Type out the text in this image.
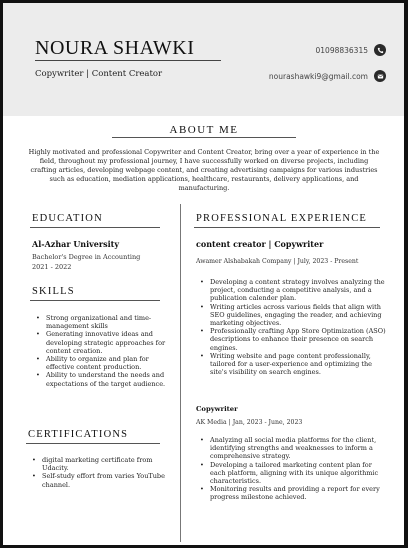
NOURA SHAWKI
Copywriter | Content Creator
01098836315
nourashawki9@gmail.com
ABOUT ME
Highly motivated and professional Copywriter and Content Creator, bring over a year of experience in the field, throughout my professional journey, I have successfully worked on diverse projects, including crafting articles, developing webpage content, and creating advertising campaigns for various industries such as education, mediation applications, healthcare, restaurants, delivery applications, and manufacturing.
EDUCATION
Al-Azhar University
Bachelor's Degree in Accounting
2021 - 2022
SKILLS
• Strong organizational and time-management skills
• Generating innovative ideas and developing strategic approaches for content creation.
• Ability to organize and plan for effective content production.
• Ability to understand the needs and expectations of the target audience.
CERTIFICATIONS
• digital marketing certificate from Udacity.
• Self-study effort from varies YouTube channel.
PROFESSIONAL EXPERIENCE
content creator | Copywriter
Awamer Alshabakah Company | July, 2023 - Present
• Developing a content strategy involves analyzing the project, conducting a competitive analysis, and a publication calender plan.
• Writing articles across various fields that align with SEO guidelines, engaging the reader, and achieving marketing objectives.
• Professionally crafting App Store Optimization (ASO) descriptions to enhance their presence on search engines.
• Writing website and page content professionally, tailored for a user-experience and optimizing the site's visibility on search engines.
Copywriter
AK Media | Jan, 2023 - June, 2023
• Analyzing all social media platforms for the client, identifying strengths and weaknesses to inform a comprehensive strategy.
• Developing a tailored marketing content plan for each platform, aligning with its unique algorithmic characteristics.
• Monitoring results and providing a report for every progress milestone achieved.
